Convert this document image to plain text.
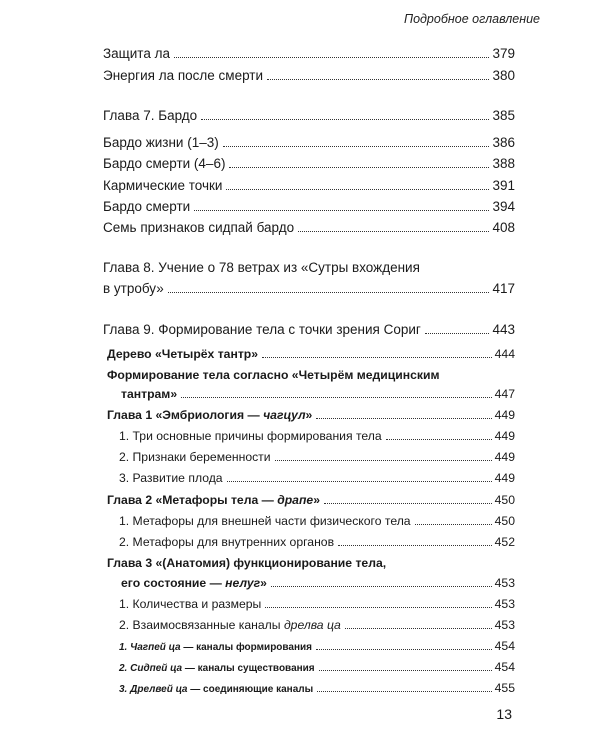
Подробное оглавление
Защита ла	379
Энергия ла после смерти	380
Глава 7. Бардо	385
Бардо жизни (1–3)	386
Бардо смерти (4–6)	388
Кармические точки	391
Бардо смерти	394
Семь признаков сидпай бардо	408
Глава 8. Учение о 78 ветрах из «Сутры вхождения
в утробу»	417
Глава 9. Формирование тела с точки зрения Сориг	443
Дерево «Четырёх тантр»	444
Формирование тела согласно «Четырём медицинским
тантрам»	447
Глава 1 «Эмбриология — чагцул»	449
1. Три основные причины формирования тела	449
2. Признаки беременности	449
3. Развитие плода	449
Глава 2 «Метафоры тела — драпе»	450
1. Метафоры для внешней части физического тела	450
2. Метафоры для внутренних органов	452
Глава 3 «(Анатомия) функционирование тела,
его состояние — нелуг»	453
1. Количества и размеры	453
2. Взаимосвязанные каналы дрелва ца	453
1. Чагпей ца — каналы формирования	454
2. Сидпей ца — каналы существования	454
3. Дрелвей ца — соединяющие каналы	455
13
